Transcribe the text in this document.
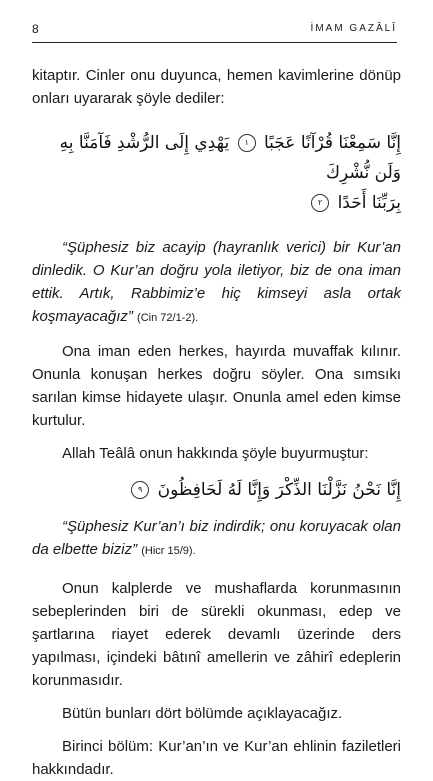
8	İMAM GAZÂLÎ

kitaptır. Cinler onu duyunca, hemen kavimlerine dönüp onları uyararak şöyle dediler:

إِنَّا سَمِعْنَا قُرْآنًا عَجَبًا ١ يَهْدِي إِلَى الرُّشْدِ فَآمَنَّا بِهِ وَلَن نُّشْرِكَ

بِرَبِّنَا أَحَدًا ٢

“Şüphesiz biz acayip (hayranlık verici) bir Kur’an dinledik. O Kur’an doğru yola iletiyor, biz de ona iman ettik. Artık, Rabbimiz’e hiç kimseyi asla ortak koşmayacağız” (Cin 72/1-2).

Ona iman eden herkes, hayırda muvaffak kılınır. Onunla konuşan herkes doğru söyler. Ona sımsıkı sarılan kimse hidayete ulaşır. Onunla amel eden kimse kurtulur.

Allah Teâlâ onun hakkında şöyle buyurmuştur:

إِنَّا نَحْنُ نَزَّلْنَا الذِّكْرَ وَإِنَّا لَهُ لَحَافِظُونَ ٩

“Şüphesiz Kur’an’ı biz indirdik; onu koruyacak olan da elbette biziz” (Hicr 15/9).

Onun kalplerde ve mushaflarda korunmasının sebeplerinden biri de sürekli okunması, edep ve şartlarına riayet ederek devamlı üzerinde ders yapılması, içindeki bâtınî amellerin ve zâhirî edeplerin korunmasıdır.

Bütün bunları dört bölümde açıklayacağız.

Birinci bölüm: Kur’an’ın ve Kur’an ehlinin faziletleri hakkındadır.
